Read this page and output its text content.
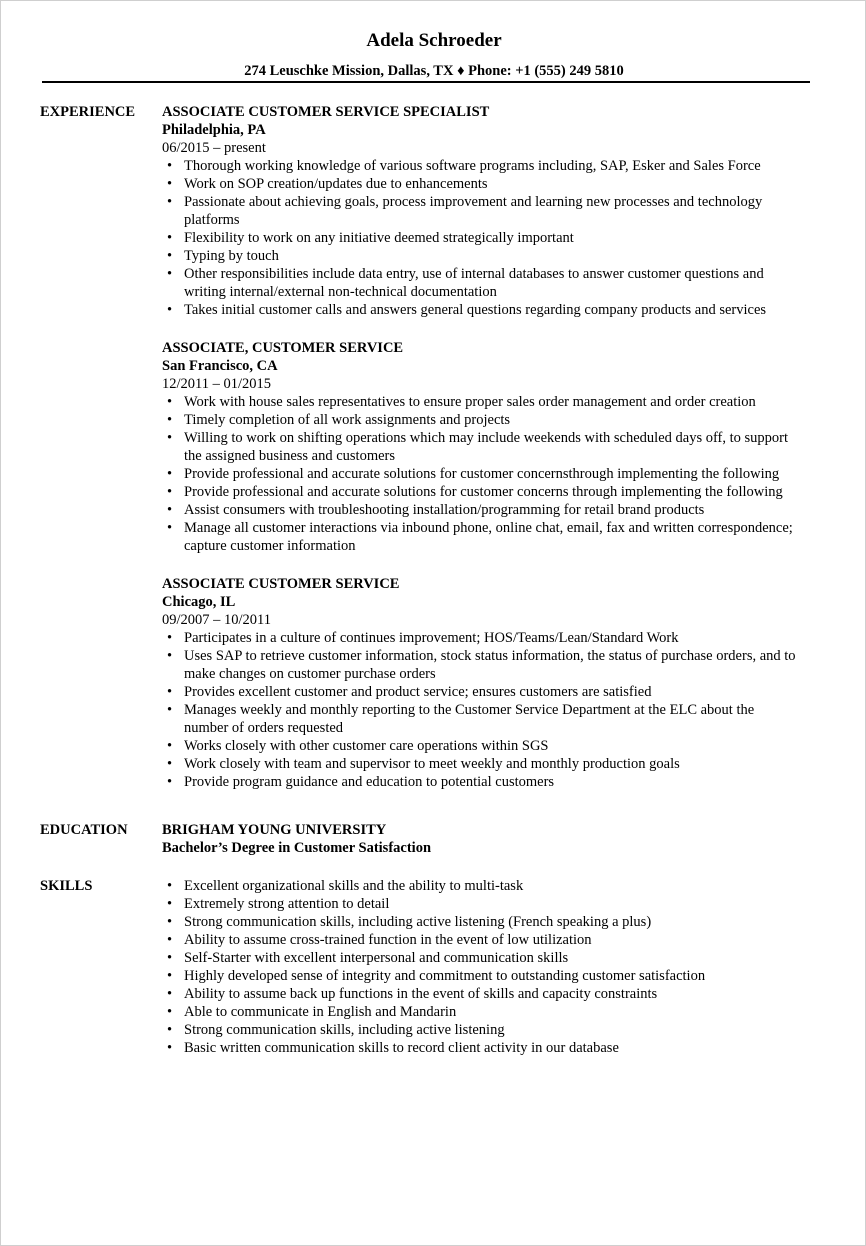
Adela Schroeder
274 Leuschke Mission, Dallas, TX ♦ Phone: +1 (555) 249 5810
EXPERIENCE ASSOCIATE CUSTOMER SERVICE SPECIALIST
Philadelphia, PA
06/2015 – present
• Thorough working knowledge of various software programs including, SAP, Esker and Sales Force
• Work on SOP creation/updates due to enhancements
• Passionate about achieving goals, process improvement and learning new processes and technology platforms
• Flexibility to work on any initiative deemed strategically important
• Typing by touch
• Other responsibilities include data entry, use of internal databases to answer customer questions and writing internal/external non-technical documentation
• Takes initial customer calls and answers general questions regarding company products and services
ASSOCIATE, CUSTOMER SERVICE
San Francisco, CA
12/2011 – 01/2015
• Work with house sales representatives to ensure proper sales order management and order creation
• Timely completion of all work assignments and projects
• Willing to work on shifting operations which may include weekends with scheduled days off, to support the assigned business and customers
• Provide professional and accurate solutions for customer concernsthrough implementing the following
• Provide professional and accurate solutions for customer concerns through implementing the following
• Assist consumers with troubleshooting installation/programming for retail brand products
• Manage all customer interactions via inbound phone, online chat, email, fax and written correspondence; capture customer information
ASSOCIATE CUSTOMER SERVICE
Chicago, IL
09/2007 – 10/2011
• Participates in a culture of continues improvement; HOS/Teams/Lean/Standard Work
• Uses SAP to retrieve customer information, stock status information, the status of purchase orders, and to make changes on customer purchase orders
• Provides excellent customer and product service; ensures customers are satisfied
• Manages weekly and monthly reporting to the Customer Service Department at the ELC about the number of orders requested
• Works closely with other customer care operations within SGS
• Work closely with team and supervisor to meet weekly and monthly production goals
• Provide program guidance and education to potential customers
EDUCATION BRIGHAM YOUNG UNIVERSITY
Bachelor’s Degree in Customer Satisfaction
SKILLS
•	Excellent organizational skills and the ability to multi-task
• Extremely strong attention to detail
• Strong communication skills, including active listening (French speaking a plus)
• Ability to assume cross-trained function in the event of low utilization
• Self-Starter with excellent interpersonal and communication skills
• Highly developed sense of integrity and commitment to outstanding customer satisfaction
• Ability to assume back up functions in the event of skills and capacity constraints
• Able to communicate in English and Mandarin
• Strong communication skills, including active listening
• Basic written communication skills to record client activity in our database
